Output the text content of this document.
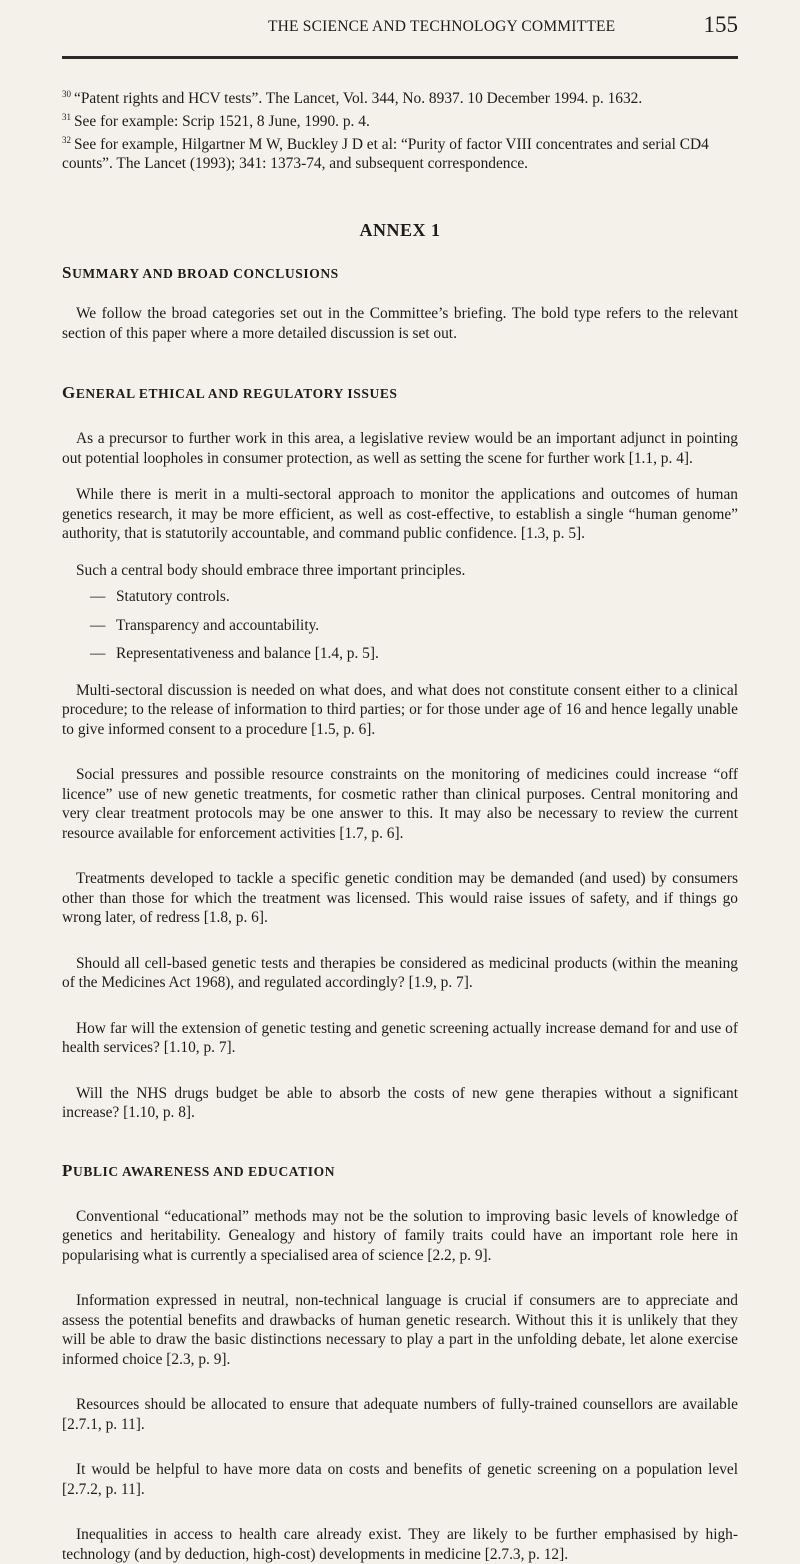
THE SCIENCE AND TECHNOLOGY COMMITTEE	155

$^{30}$ “Patent rights and HCV tests”. The Lancet, Vol. 344, No. 8937. 10 December 1994. p. 1632.

$^{31}$ See for example: Scrip 1521, 8 June, 1990. p. 4.

$^{32}$ See for example, Hilgartner M W, Buckley J D et al: “Purity of factor VIII concentrates and serial CD4 counts”. The Lancet (1993); 341: 1373-74, and subsequent correspondence.

ANNEX 1
SUMMARY AND BROAD CONCLUSIONS

We follow the broad categories set out in the Committee’s briefing. The bold type refers to the relevant section of this paper where a more detailed discussion is set out.

GENERAL ETHICAL AND REGULATORY ISSUES

As a precursor to further work in this area, a legislative review would be an important adjunct in pointing out potential loopholes in consumer protection, as well as setting the scene for further work [1.1, p. 4].

While there is merit in a multi-sectoral approach to monitor the applications and outcomes of human genetics research, it may be more efficient, as well as cost-effective, to establish a single “human genome” authority, that is statutorily accountable, and command public confidence. [1.3, p. 5].

Such a central body should embrace three important principles.

— Statutory controls.
— Transparency and accountability.
— Representativeness and balance [1.4, p. 5].

Multi-sectoral discussion is needed on what does, and what does not constitute consent either to a clinical procedure; to the release of information to third parties; or for those under age of 16 and hence legally unable to give informed consent to a procedure [1.5, p. 6].

Social pressures and possible resource constraints on the monitoring of medicines could increase “off licence” use of new genetic treatments, for cosmetic rather than clinical purposes. Central monitoring and very clear treatment protocols may be one answer to this. It may also be necessary to review the current resource available for enforcement activities [1.7, p. 6].

Treatments developed to tackle a specific genetic condition may be demanded (and used) by consumers other than those for which the treatment was licensed. This would raise issues of safety, and if things go wrong later, of redress [1.8, p. 6].

Should all cell-based genetic tests and therapies be considered as medicinal products (within the meaning of the Medicines Act 1968), and regulated accordingly? [1.9, p. 7].

How far will the extension of genetic testing and genetic screening actually increase demand for and use of health services? [1.10, p. 7].

Will the NHS drugs budget be able to absorb the costs of new gene therapies without a significant increase? [1.10, p. 8].

PUBLIC AWARENESS AND EDUCATION

Conventional “educational” methods may not be the solution to improving basic levels of knowledge of genetics and heritability. Genealogy and history of family traits could have an important role here in popularising what is currently a specialised area of science [2.2, p. 9].

Information expressed in neutral, non-technical language is crucial if consumers are to appreciate and assess the potential benefits and drawbacks of human genetic research. Without this it is unlikely that they will be able to draw the basic distinctions necessary to play a part in the unfolding debate, let alone exercise informed choice [2.3, p. 9].

Resources should be allocated to ensure that adequate numbers of fully-trained counsellors are available [2.7.1, p. 11].

It would be helpful to have more data on costs and benefits of genetic screening on a population level [2.7.2, p. 11].

Inequalities in access to health care already exist. They are likely to be further emphasised by high-technology (and by deduction, high-cost) developments in medicine [2.7.3, p. 12].
